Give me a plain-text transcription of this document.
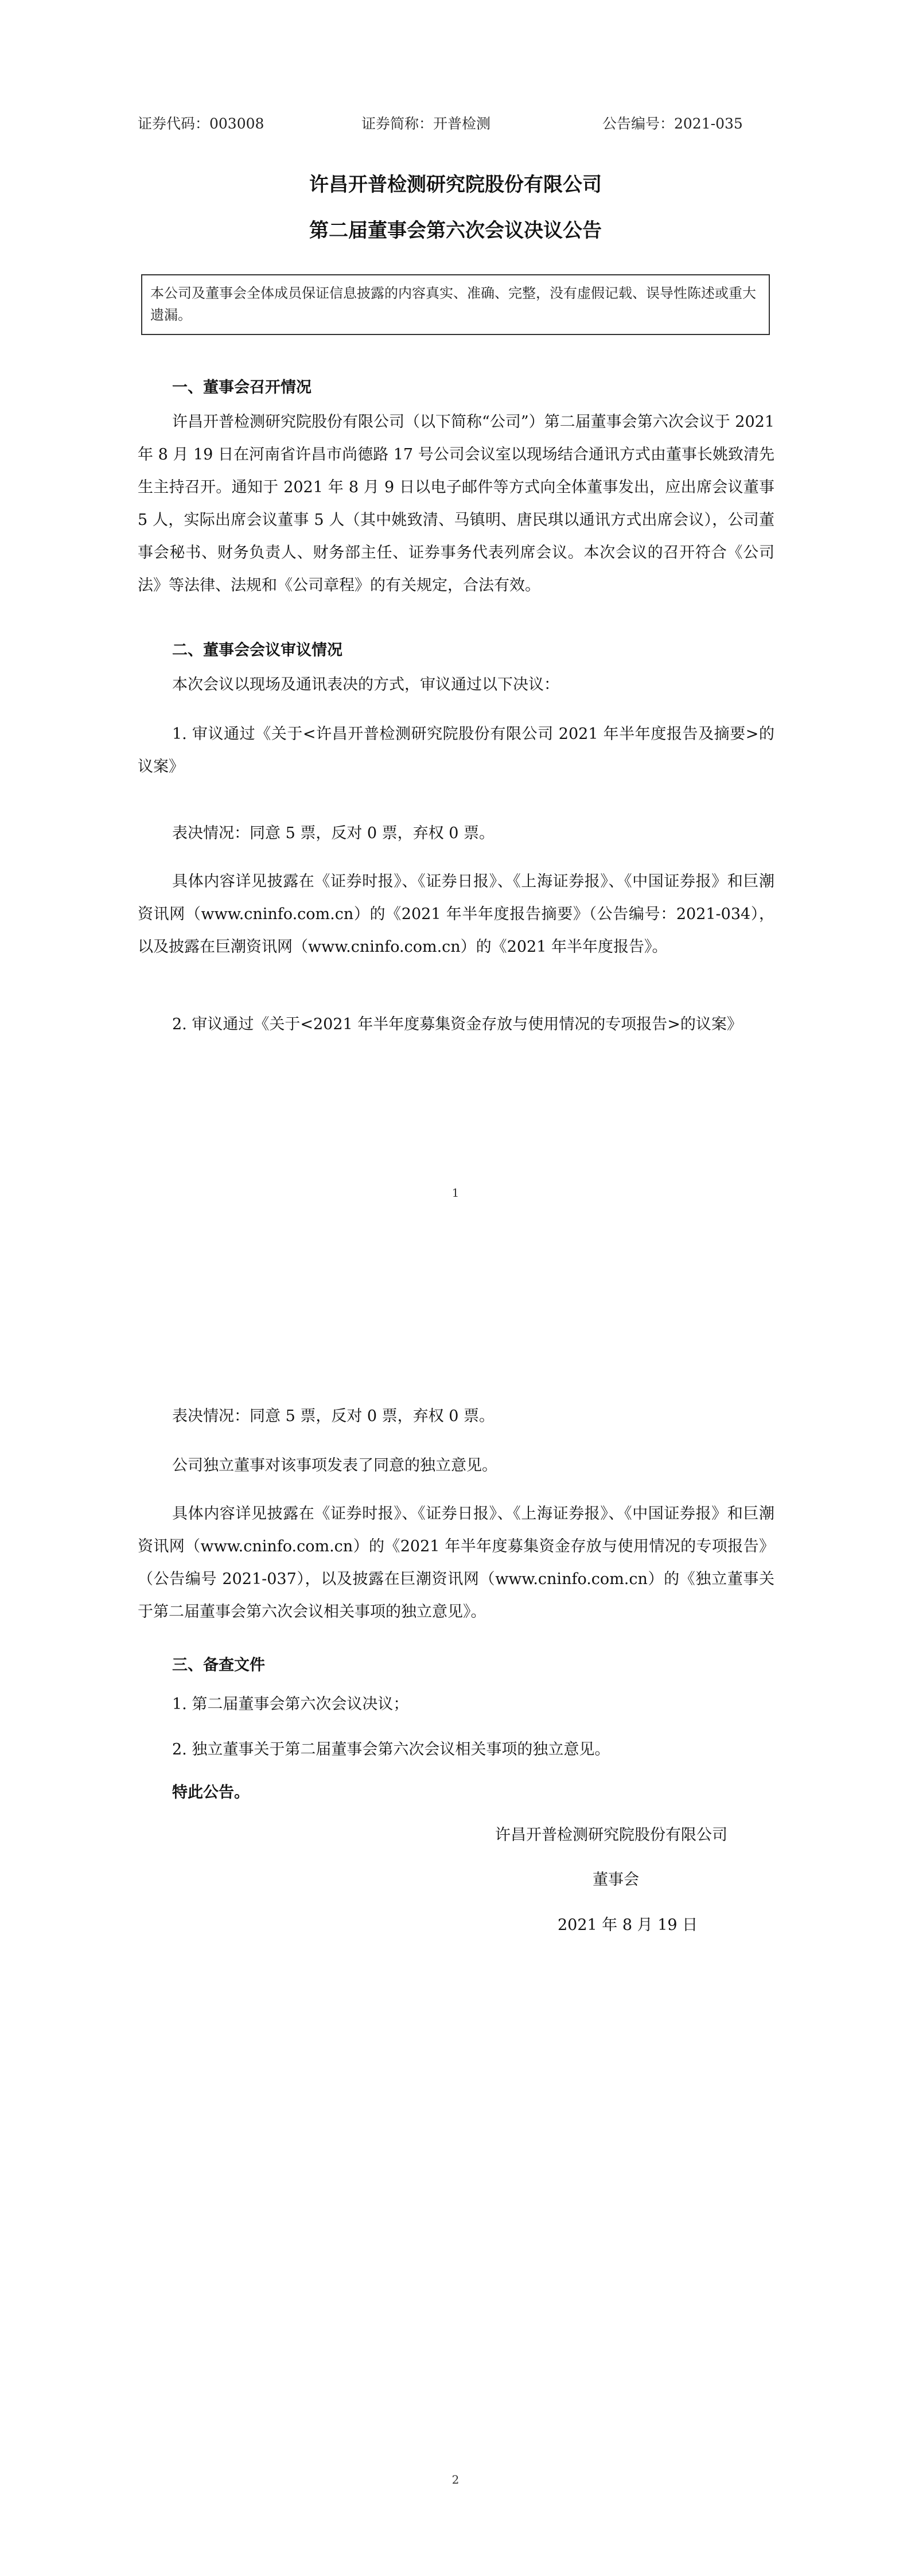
证券代码：003008	证券简称：开普检测	公告编号：2021-035
许昌开普检测研究院股份有限公司
第二届董事会第六次会议决议公告
本公司及董事会全体成员保证信息披露的内容真实、准确、完整，没有虚假记载、误导性陈述或重大遗漏。
一、董事会召开情况

许昌开普检测研究院股份有限公司（以下简称“公司”）第二届董事会第六次会议于 2021 年 8 月 19 日在河南省许昌市尚德路 17 号公司会议室以现场结合通讯方式由董事长姚致清先生主持召开。通知于 2021 年 8 月 9 日以电子邮件等方式向全体董事发出，应出席会议董事 5 人，实际出席会议董事 5 人（其中姚致清、马镇明、唐民琪以通讯方式出席会议），公司董事会秘书、财务负责人、财务部主任、证券事务代表列席会议。本次会议的召开符合《公司法》等法律、法规和《公司章程》的有关规定，合法有效。

二、董事会会议审议情况

本次会议以现场及通讯表决的方式，审议通过以下决议：

1. 审议通过《关于<许昌开普检测研究院股份有限公司 2021 年半年度报告及摘要>的议案》

表决情况：同意 5 票，反对 0 票，弃权 0 票。

具体内容详见披露在《证券时报》、《证券日报》、《上海证券报》、《中国证券报》和巨潮资讯网（www.cninfo.com.cn）的《2021 年半年度报告摘要》（公告编号：2021-034），以及披露在巨潮资讯网（www.cninfo.com.cn）的《2021 年半年度报告》。

2. 审议通过《关于<2021 年半年度募集资金存放与使用情况的专项报告>的议案》

1

表决情况：同意 5 票，反对 0 票，弃权 0 票。

公司独立董事对该事项发表了同意的独立意见。

具体内容详见披露在《证券时报》、《证券日报》、《上海证券报》、《中国证券报》和巨潮资讯网（www.cninfo.com.cn）的《2021 年半年度募集资金存放与使用情况的专项报告》（公告编号 2021-037），以及披露在巨潮资讯网（www.cninfo.com.cn）的《独立董事关于第二届董事会第六次会议相关事项的独立意见》。

三、备查文件

1. 第二届董事会第六次会议决议；

2. 独立董事关于第二届董事会第六次会议相关事项的独立意见。

特此公告。
许昌开普检测研究院股份有限公司
董事会
2021 年 8 月 19 日
2
